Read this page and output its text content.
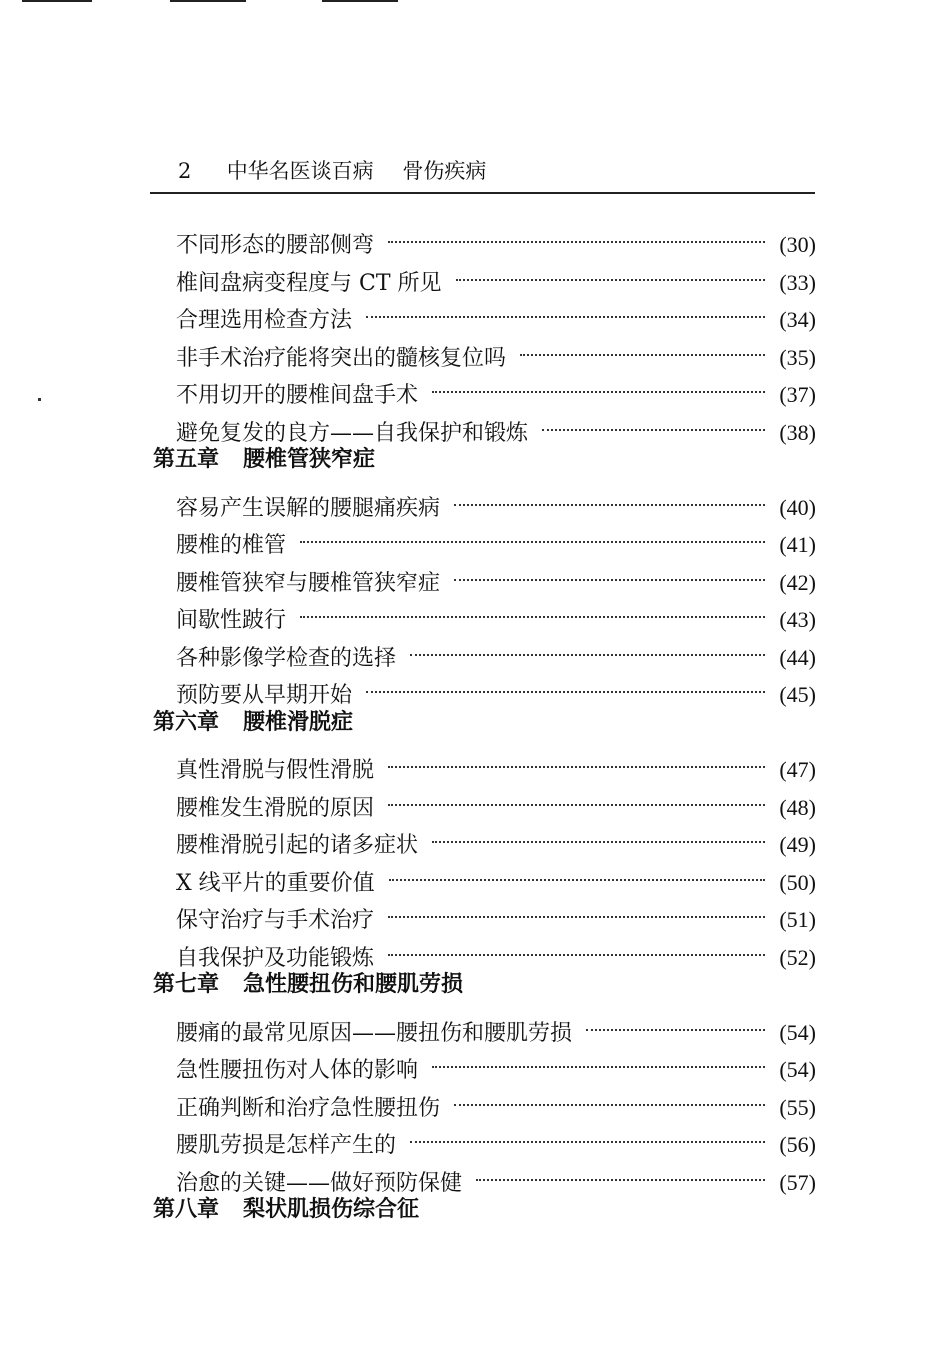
2 中华名医谈百病 骨伤疾病
不同形态的腰部侧弯	(30)
椎间盘病变程度与 CT 所见	(33)
合理选用检查方法	(34)
非手术治疗能将突出的髓核复位吗	(35)
不用切开的腰椎间盘手术	(37)
避免复发的良方——自我保护和锻炼	(38)
第五章 腰椎管狭窄症
容易产生误解的腰腿痛疾病	(40)
腰椎的椎管	(41)
腰椎管狭窄与腰椎管狭窄症	(42)
间歇性跛行	(43)
各种影像学检查的选择	(44)
预防要从早期开始	(45)
第六章 腰椎滑脱症
真性滑脱与假性滑脱	(47)
腰椎发生滑脱的原因	(48)
腰椎滑脱引起的诸多症状	(49)
X 线平片的重要价值	(50)
保守治疗与手术治疗	(51)
自我保护及功能锻炼	(52)
第七章 急性腰扭伤和腰肌劳损
腰痛的最常见原因——腰扭伤和腰肌劳损	(54)
急性腰扭伤对人体的影响	(54)
正确判断和治疗急性腰扭伤	(55)
腰肌劳损是怎样产生的	(56)
治愈的关键——做好预防保健	(57)
第八章 梨状肌损伤综合征
